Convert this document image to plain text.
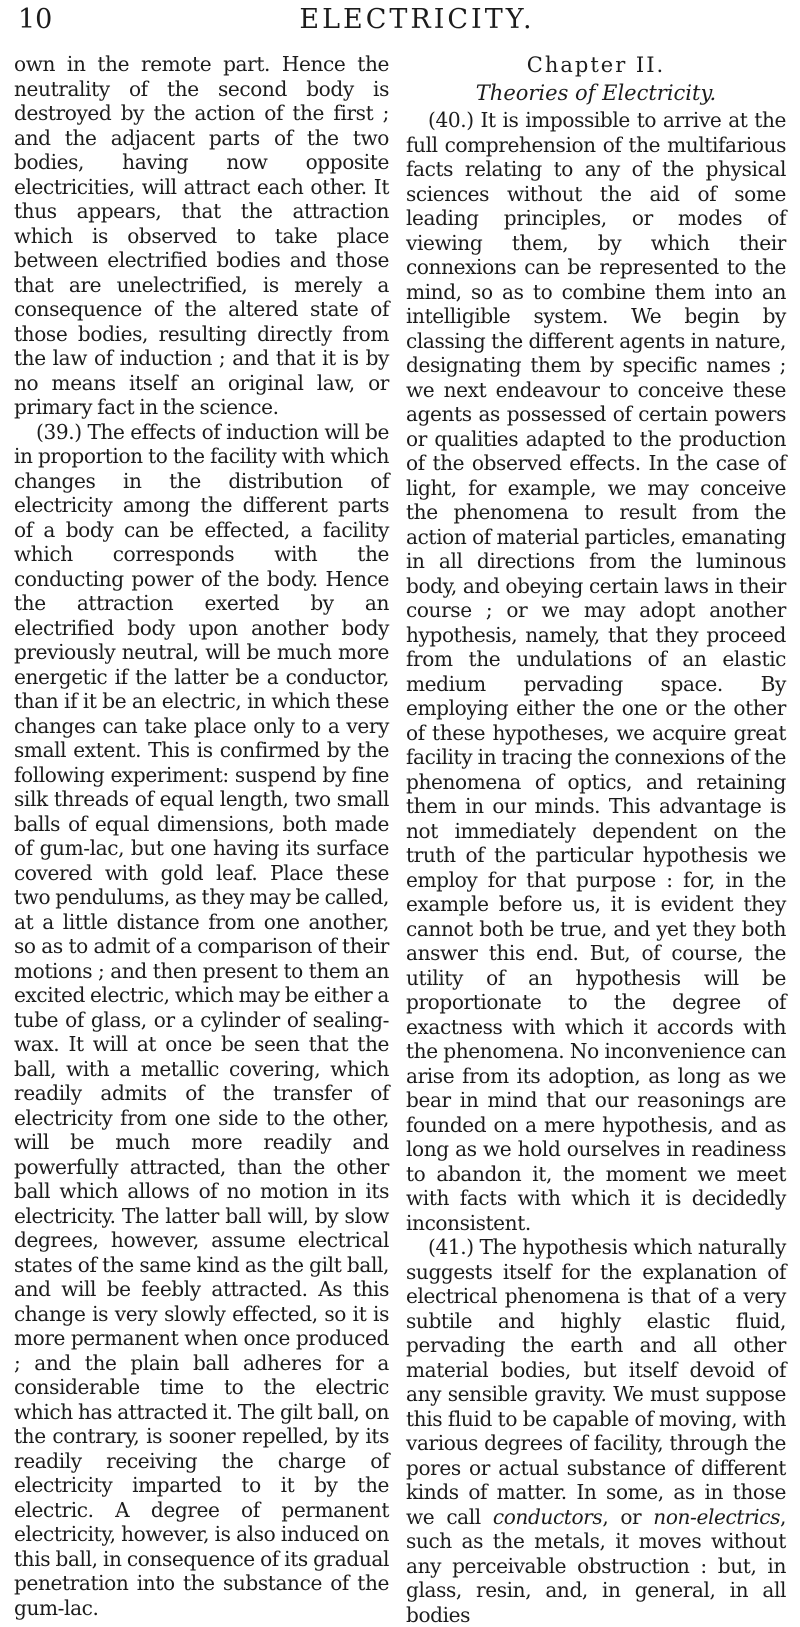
10	ELECTRICITY.

own in the remote part. Hence the neutrality of the second body is destroyed by the action of the first ; and the adjacent parts of the two bodies, having now opposite electricities, will attract each other. It thus appears, that the attraction which is observed to take place between electrified bodies and those that are unelectrified, is merely a consequence of the altered state of those bodies, resulting directly from the law of induction ; and that it is by no means itself an original law, or primary fact in the science.

(39.) The effects of induction will be in proportion to the facility with which changes in the distribution of electricity among the different parts of a body can be effected, a facility which corresponds with the conducting power of the body. Hence the attraction exerted by an electrified body upon another body previously neutral, will be much more energetic if the latter be a conductor, than if it be an electric, in which these changes can take place only to a very small extent. This is confirmed by the following experiment: suspend by fine silk threads of equal length, two small balls of equal dimensions, both made of gum-lac, but one having its surface covered with gold leaf. Place these two pendulums, as they may be called, at a little distance from one another, so as to admit of a comparison of their motions ; and then present to them an excited electric, which may be either a tube of glass, or a cylinder of sealing-wax. It will at once be seen that the ball, with a metallic covering, which readily admits of the transfer of electricity from one side to the other, will be much more readily and powerfully attracted, than the other ball which allows of no motion in its electricity. The latter ball will, by slow degrees, however, assume electrical states of the same kind as the gilt ball, and will be feebly attracted. As this change is very slowly effected, so it is more permanent when once produced ; and the plain ball adheres for a considerable time to the electric which has attracted it. The gilt ball, on the contrary, is sooner repelled, by its readily receiving the charge of electricity imparted to it by the electric. A degree of permanent electricity, however, is also induced on this ball, in consequence of its gradual penetration into the substance of the gum-lac.

Chapter II.
Theories of Electricity.

(40.) It is impossible to arrive at the full comprehension of the multifarious facts relating to any of the physical sciences without the aid of some leading principles, or modes of viewing them, by which their connexions can be represented to the mind, so as to combine them into an intelligible system. We begin by classing the different agents in nature, designating them by specific names ; we next endeavour to conceive these agents as possessed of certain powers or qualities adapted to the production of the observed effects. In the case of light, for example, we may conceive the phenomena to result from the action of material particles, emanating in all directions from the luminous body, and obeying certain laws in their course ; or we may adopt another hypothesis, namely, that they proceed from the undulations of an elastic medium pervading space. By employing either the one or the other of these hypotheses, we acquire great facility in tracing the connexions of the phenomena of optics, and retaining them in our minds. This advantage is not immediately dependent on the truth of the particular hypothesis we employ for that purpose : for, in the example before us, it is evident they cannot both be true, and yet they both answer this end. But, of course, the utility of an hypothesis will be proportionate to the degree of exactness with which it accords with the phenomena. No inconvenience can arise from its adoption, as long as we bear in mind that our reasonings are founded on a mere hypothesis, and as long as we hold ourselves in readiness to abandon it, the moment we meet with facts with which it is decidedly inconsistent.

(41.) The hypothesis which naturally suggests itself for the explanation of electrical phenomena is that of a very subtile and highly elastic fluid, pervading the earth and all other material bodies, but itself devoid of any sensible gravity. We must suppose this fluid to be capable of moving, with various degrees of facility, through the pores or actual substance of different kinds of matter. In some, as in those we call conductors, or non-electrics, such as the metals, it moves without any perceivable obstruction : but, in glass, resin, and, in general, in all bodies
